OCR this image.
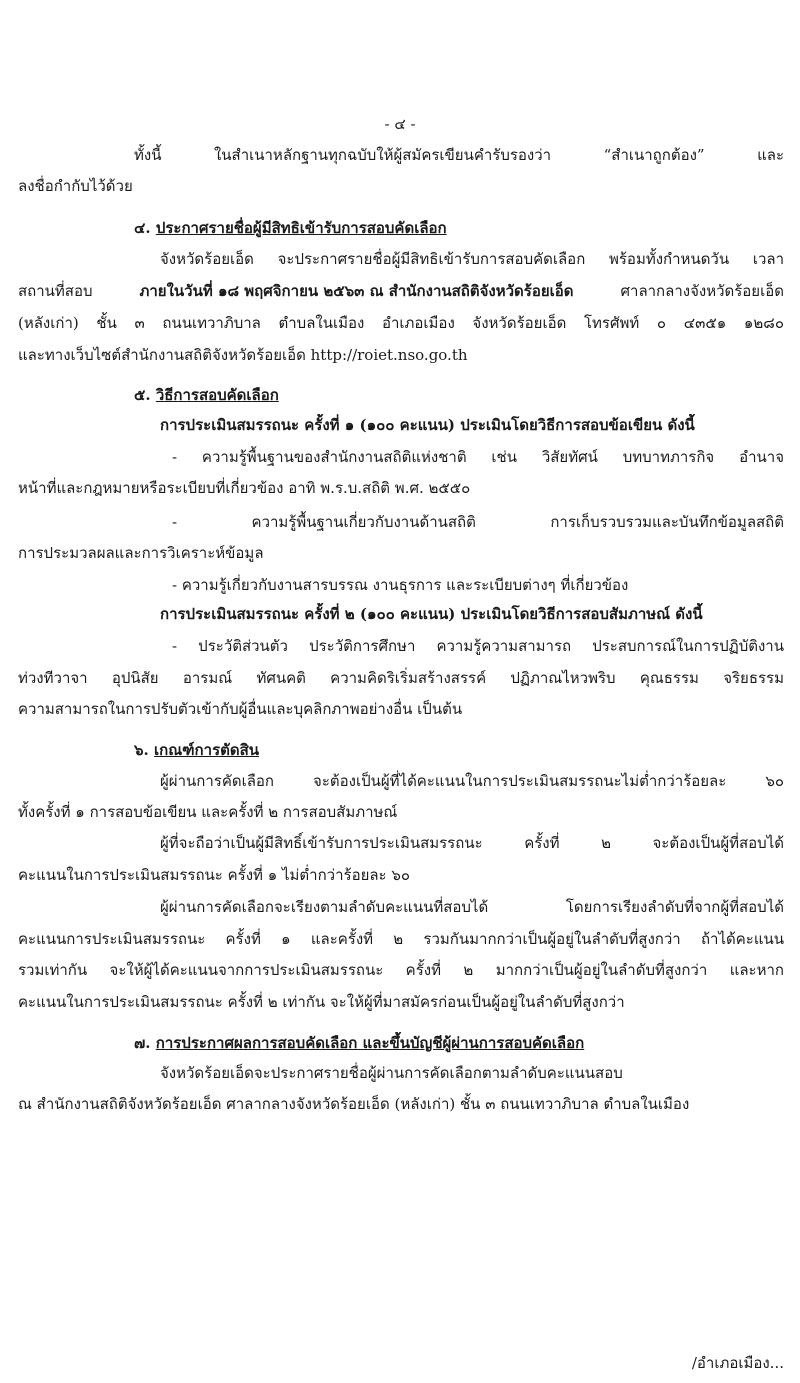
- ๔ -
ทั้งนี้ ในสำเนาหลักฐานทุกฉบับให้ผู้สมัครเขียนคำรับรองว่า “สำเนาถูกต้อง” และ
ลงชื่อกำกับไว้ด้วย
๔. ประกาศรายชื่อผู้มีสิทธิเข้ารับการสอบคัดเลือก
จังหวัดร้อยเอ็ด จะประกาศรายชื่อผู้มีสิทธิเข้ารับการสอบคัดเลือก พร้อมทั้งกำหนดวัน เวลา
สถานที่สอบ	ภายในวันที่ ๑๘ พฤศจิกายน ๒๕๖๓ ณ สำนักงานสถิติจังหวัดร้อยเอ็ด	ศาลากลางจังหวัดร้อยเอ็ด
(หลังเก่า) ชั้น ๓ ถนนเทวาภิบาล ตำบลในเมือง อำเภอเมือง จังหวัดร้อยเอ็ด โทรศัพท์ ๐ ๔๓๕๑ ๑๒๘๐
และทางเว็บไซต์สำนักงานสถิติจังหวัดร้อยเอ็ด http://roiet.nso.go.th
๕. วิธีการสอบคัดเลือก
การประเมินสมรรถนะ ครั้งที่ ๑ (๑๐๐ คะแนน) ประเมินโดยวิธีการสอบข้อเขียน ดังนี้
- ความรู้พื้นฐานของสำนักงานสถิติแห่งชาติ เช่น วิสัยทัศน์ บทบาทภารกิจ อำนาจ
หน้าที่และกฎหมายหรือระเบียบที่เกี่ยวข้อง อาทิ พ.ร.บ.สถิติ พ.ศ. ๒๕๕๐
- ความรู้พื้นฐานเกี่ยวกับงานด้านสถิติ การเก็บรวบรวมและบันทึกข้อมูลสถิติ
การประมวลผลและการวิเคราะห์ข้อมูล
- ความรู้เกี่ยวกับงานสารบรรณ งานธุรการ และระเบียบต่างๆ ที่เกี่ยวข้อง
การประเมินสมรรถนะ ครั้งที่ ๒ (๑๐๐ คะแนน) ประเมินโดยวิธีการสอบสัมภาษณ์ ดังนี้
- ประวัติส่วนตัว ประวัติการศึกษา ความรู้ความสามารถ ประสบการณ์ในการปฏิบัติงาน
ท่วงทีวาจา อุปนิสัย อารมณ์ ทัศนคติ ความคิดริเริ่มสร้างสรรค์ ปฏิภาณไหวพริบ คุณธรรม จริยธรรม
ความสามารถในการปรับตัวเข้ากับผู้อื่นและบุคลิกภาพอย่างอื่น เป็นต้น
๖. เกณฑ์การตัดสิน
ผู้ผ่านการคัดเลือก จะต้องเป็นผู้ที่ได้คะแนนในการประเมินสมรรถนะไม่ต่ำกว่าร้อยละ ๖๐
ทั้งครั้งที่ ๑ การสอบข้อเขียน และครั้งที่ ๒ การสอบสัมภาษณ์
ผู้ที่จะถือว่าเป็นผู้มีสิทธิ์เข้ารับการประเมินสมรรถนะ ครั้งที่ ๒ จะต้องเป็นผู้ที่สอบได้
คะแนนในการประเมินสมรรถนะ ครั้งที่ ๑ ไม่ต่ำกว่าร้อยละ ๖๐
ผู้ผ่านการคัดเลือกจะเรียงตามลำดับคะแนนที่สอบได้ โดยการเรียงลำดับที่จากผู้ที่สอบได้
คะแนนการประเมินสมรรถนะ ครั้งที่ ๑ และครั้งที่ ๒ รวมกันมากกว่าเป็นผู้อยู่ในลำดับที่สูงกว่า ถ้าได้คะแนน
รวมเท่ากัน จะให้ผู้ได้คะแนนจากการประเมินสมรรถนะ ครั้งที่ ๒ มากกว่าเป็นผู้อยู่ในลำดับที่สูงกว่า และหาก
คะแนนในการประเมินสมรรถนะ ครั้งที่ ๒ เท่ากัน จะให้ผู้ที่มาสมัครก่อนเป็นผู้อยู่ในลำดับที่สูงกว่า
๗. การประกาศผลการสอบคัดเลือก และขึ้นบัญชีผู้ผ่านการสอบคัดเลือก
จังหวัดร้อยเอ็ดจะประกาศรายชื่อผู้ผ่านการคัดเลือกตามลำดับคะแนนสอบ
ณ สำนักงานสถิติจังหวัดร้อยเอ็ด ศาลากลางจังหวัดร้อยเอ็ด (หลังเก่า) ชั้น ๓ ถนนเทวาภิบาล ตำบลในเมือง
/อำเภอเมือง...
